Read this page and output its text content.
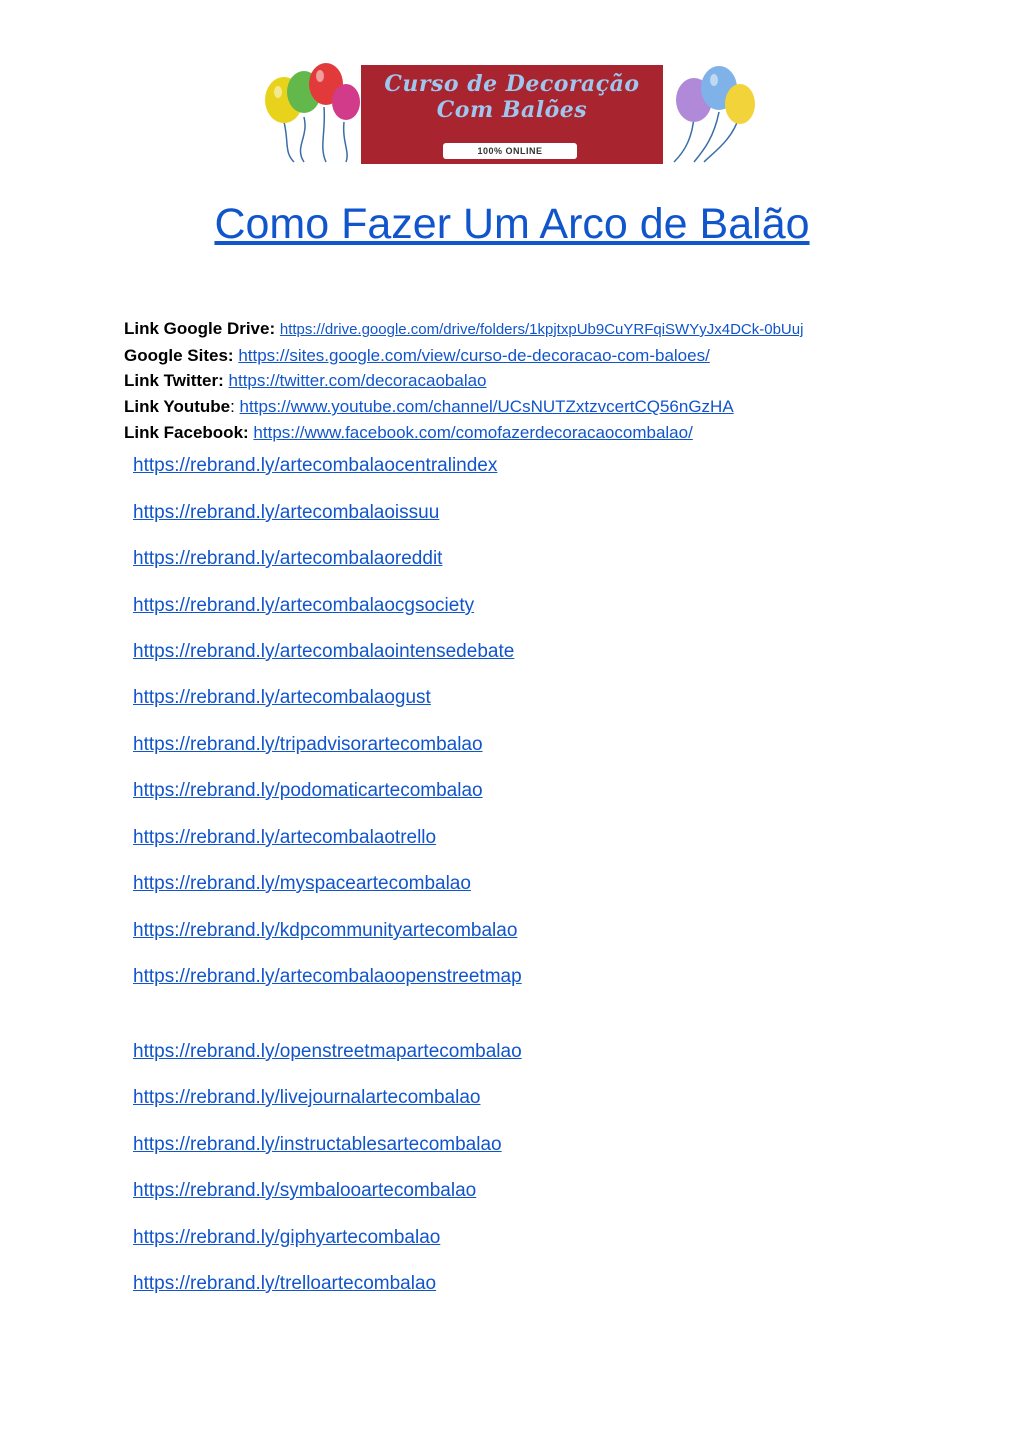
Curso de Decoração Com Balões
100% ONLINE
Como Fazer Um Arco de Balão
Link Google Drive: https://drive.google.com/drive/folders/1kpjtxpUb9CuYRFqiSWYyJx4DCk-0bUuj
Google Sites: https://sites.google.com/view/curso-de-decoracao-com-baloes/
Link Twitter: https://twitter.com/decoracaobalao
Link Youtube: https://www.youtube.com/channel/UCsNUTZxtzvcertCQ56nGzHA
Link Facebook: https://www.facebook.com/comofazerdecoracaocombalao/
https://rebrand.ly/artecombalaocentralindex
https://rebrand.ly/artecombalaoissuu
https://rebrand.ly/artecombalaoreddit
https://rebrand.ly/artecombalaocgsociety
https://rebrand.ly/artecombalaointensedebate
https://rebrand.ly/artecombalaogust
https://rebrand.ly/tripadvisorartecombalao
https://rebrand.ly/podomaticartecombalao
https://rebrand.ly/artecombalaotrello
https://rebrand.ly/myspaceartecombalao
https://rebrand.ly/kdpcommunityartecombalao
https://rebrand.ly/artecombalaoopenstreetmap
https://rebrand.ly/openstreetmapartecombalao
https://rebrand.ly/livejournalartecombalao
https://rebrand.ly/instructablesartecombalao
https://rebrand.ly/symbalooartecombalao
https://rebrand.ly/giphyartecombalao
https://rebrand.ly/trelloartecombalao
